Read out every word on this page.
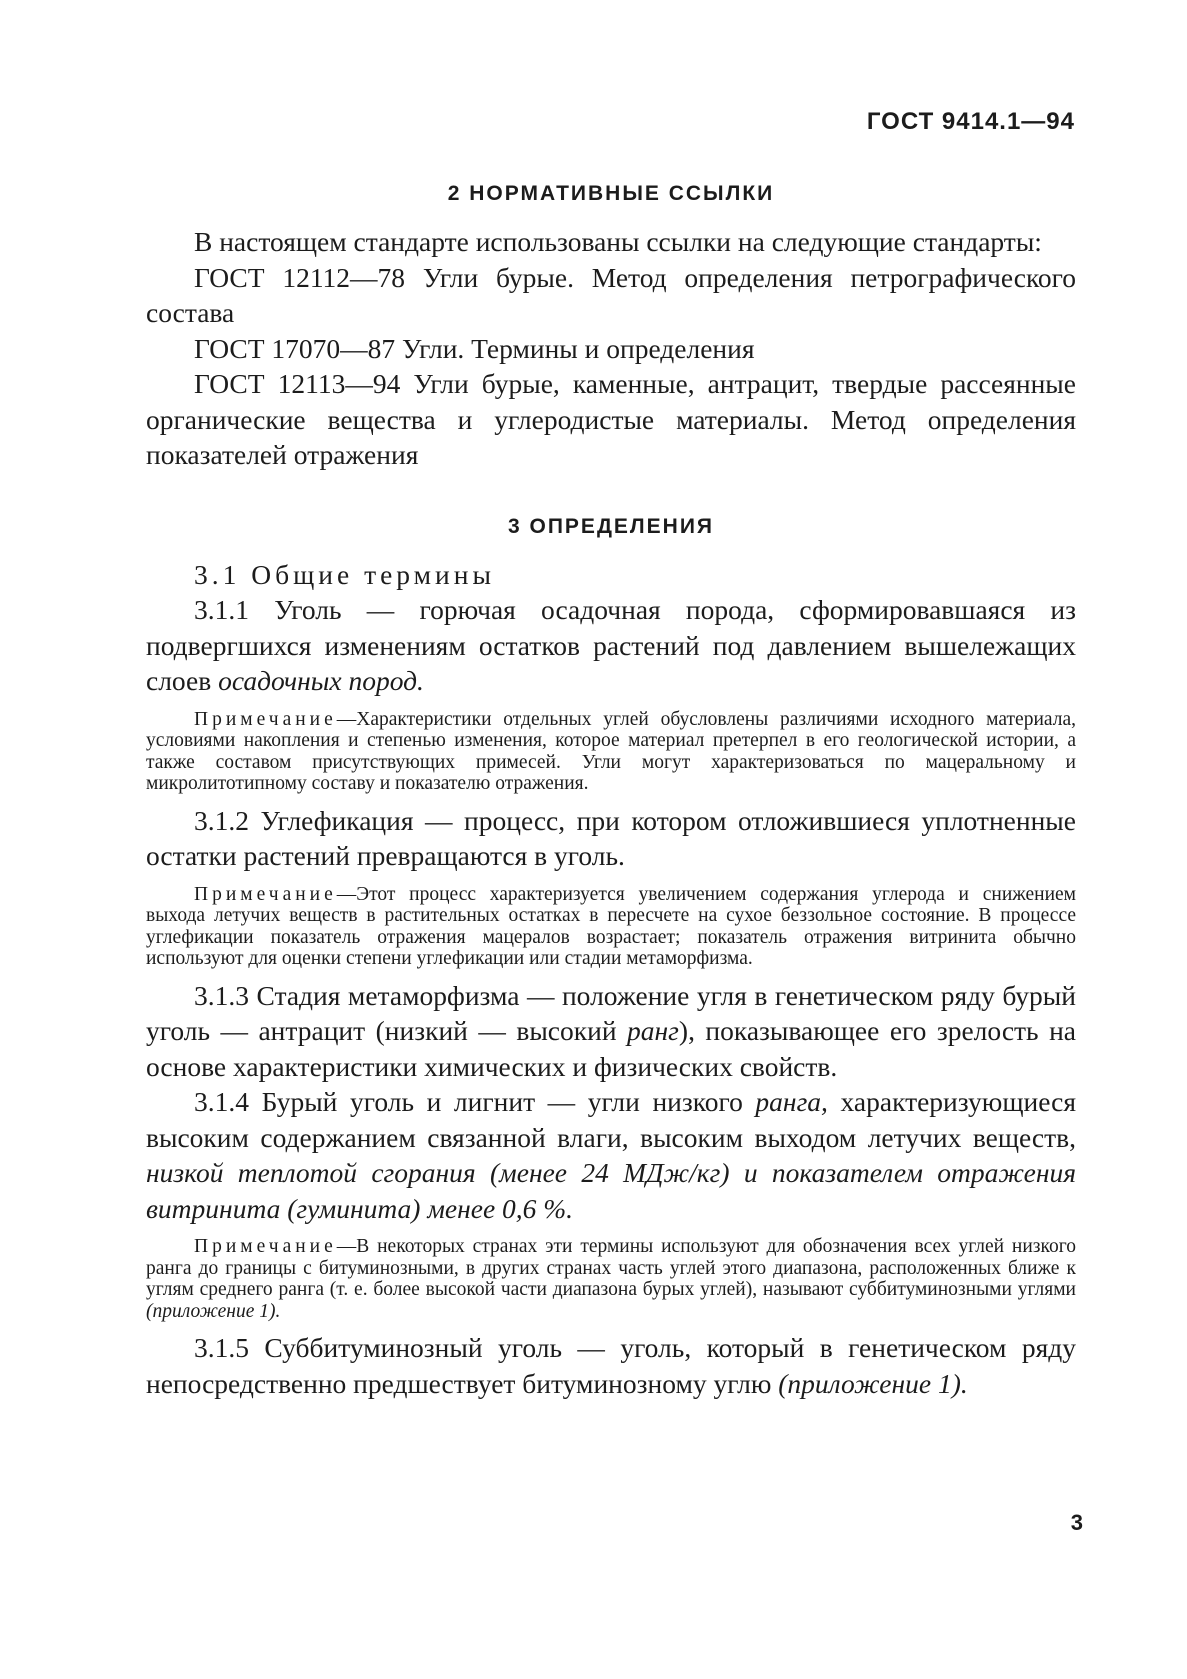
ГОСТ 9414.1—94
2 НОРМАТИВНЫЕ ССЫЛКИ

В настоящем стандарте использованы ссылки на следующие стандарты:

ГОСТ 12112—78 Угли бурые. Метод определения петрографического состава

ГОСТ 17070—87 Угли. Термины и определения

ГОСТ 12113—94 Угли бурые, каменные, антрацит, твердые рассеянные органические вещества и углеродистые материалы. Метод определения показателей отражения

3 ОПРЕДЕЛЕНИЯ

3.1 Общие термины

3.1.1 Уголь — горючая осадочная порода, сформировавшаяся из подвергшихся изменениям остатков растений под давлением вышележащих слоев осадочных пород.

Примечание—Характеристики отдельных углей обусловлены различиями исходного материала, условиями накопления и степенью изменения, которое материал претерпел в его геологической истории, а также составом присутствующих примесей. Угли могут характеризоваться по мацеральному и микролитотипному составу и показателю отражения.

3.1.2 Углефикация — процесс, при котором отложившиеся уплотненные остатки растений превращаются в уголь.

Примечание—Этот процесс характеризуется увеличением содержания углерода и снижением выхода летучих веществ в растительных остатках в пересчете на сухое беззольное состояние. В процессе углефикации показатель отражения мацералов возрастает; показатель отражения витринита обычно используют для оценки степени углефикации или стадии метаморфизма.

3.1.3 Стадия метаморфизма — положение угля в генетическом ряду бурый уголь — антрацит (низкий — высокий ранг), показывающее его зрелость на основе характеристики химических и физических свойств.

3.1.4 Бурый уголь и лигнит — угли низкого ранга, характеризующиеся высоким содержанием связанной влаги, высоким выходом летучих веществ, низкой теплотой сгорания (менее 24 МДж/кг) и показателем отражения витринита (гуминита) менее 0,6 %.

Примечание—В некоторых странах эти термины используют для обозначения всех углей низкого ранга до границы с битуминозными, в других странах часть углей этого диапазона, расположенных ближе к углям среднего ранга (т. е. более высокой части диапазона бурых углей), называют суббитуминозными углями (приложение 1).

3.1.5 Суббитуминозный уголь — уголь, который в генетическом ряду непосредственно предшествует битуминозному углю (приложение 1).

3
